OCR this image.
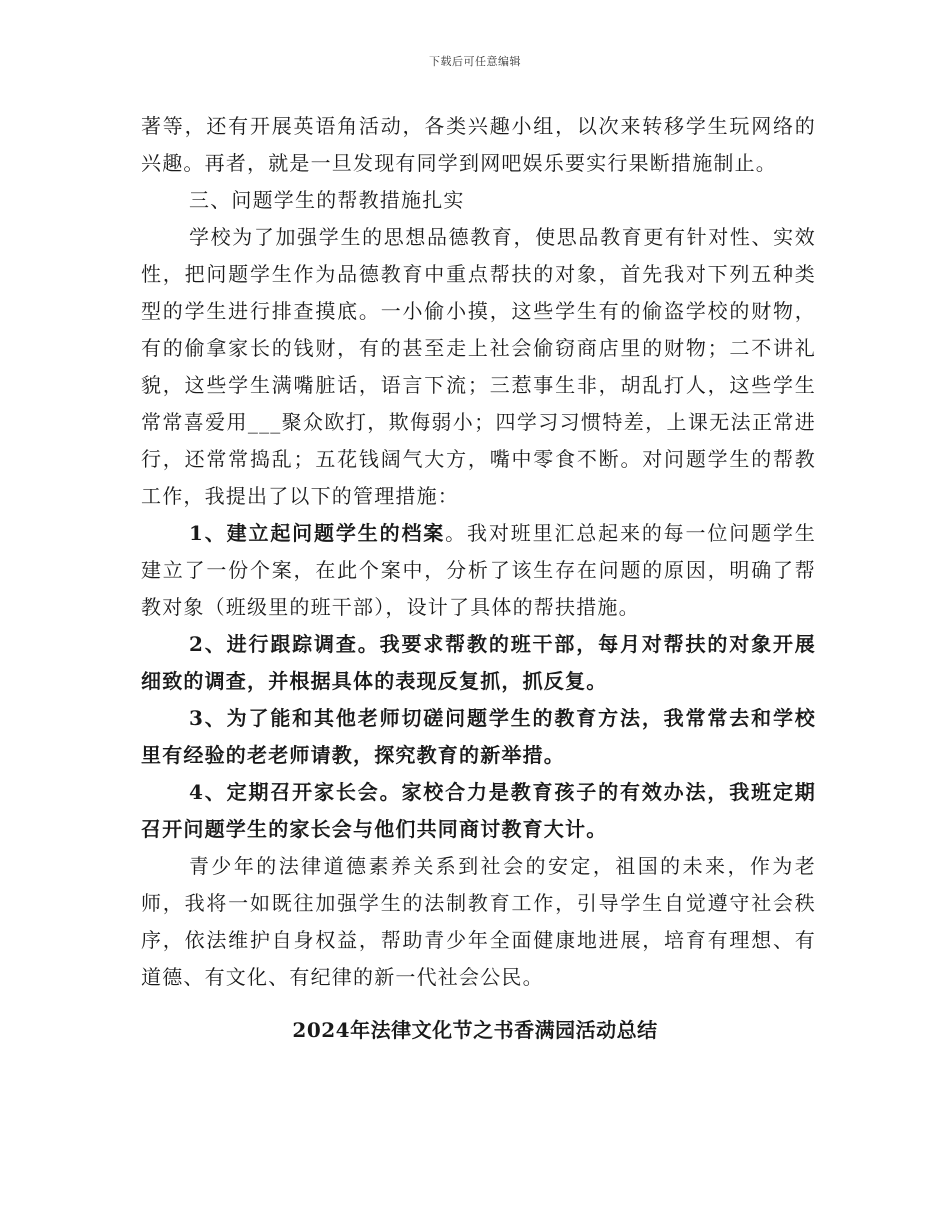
下载后可任意编辑

著等，还有开展英语角活动，各类兴趣小组，以次来转移学生玩网络的兴趣。再者，就是一旦发现有同学到网吧娱乐要实行果断措施制止。

三、问题学生的帮教措施扎实

学校为了加强学生的思想品德教育，使思品教育更有针对性、实效性，把问题学生作为品德教育中重点帮扶的对象，首先我对下列五种类型的学生进行排查摸底。一小偷小摸，这些学生有的偷盗学校的财物，有的偷拿家长的钱财，有的甚至走上社会偷窃商店里的财物；二不讲礼貌，这些学生满嘴脏话，语言下流；三惹事生非，胡乱打人，这些学生常常喜爱用___聚众欧打，欺侮弱小；四学习习惯特差，上课无法正常进行，还常常捣乱；五花钱阔气大方，嘴中零食不断。对问题学生的帮教工作，我提出了以下的管理措施：

1、建立起问题学生的档案。我对班里汇总起来的每一位问题学生建立了一份个案，在此个案中，分析了该生存在问题的原因，明确了帮教对象（班级里的班干部），设计了具体的帮扶措施。

2、进行跟踪调查。我要求帮教的班干部，每月对帮扶的对象开展细致的调查，并根据具体的表现反复抓，抓反复。

3、为了能和其他老师切磋问题学生的教育方法，我常常去和学校里有经验的老老师请教，探究教育的新举措。

4、定期召开家长会。家校合力是教育孩子的有效办法，我班定期召开问题学生的家长会与他们共同商讨教育大计。

青少年的法律道德素养关系到社会的安定，祖国的未来，作为老师，我将一如既往加强学生的法制教育工作，引导学生自觉遵守社会秩序，依法维护自身权益，帮助青少年全面健康地进展，培育有理想、有道德、有文化、有纪律的新一代社会公民。

2024年法律文化节之书香满园活动总结
